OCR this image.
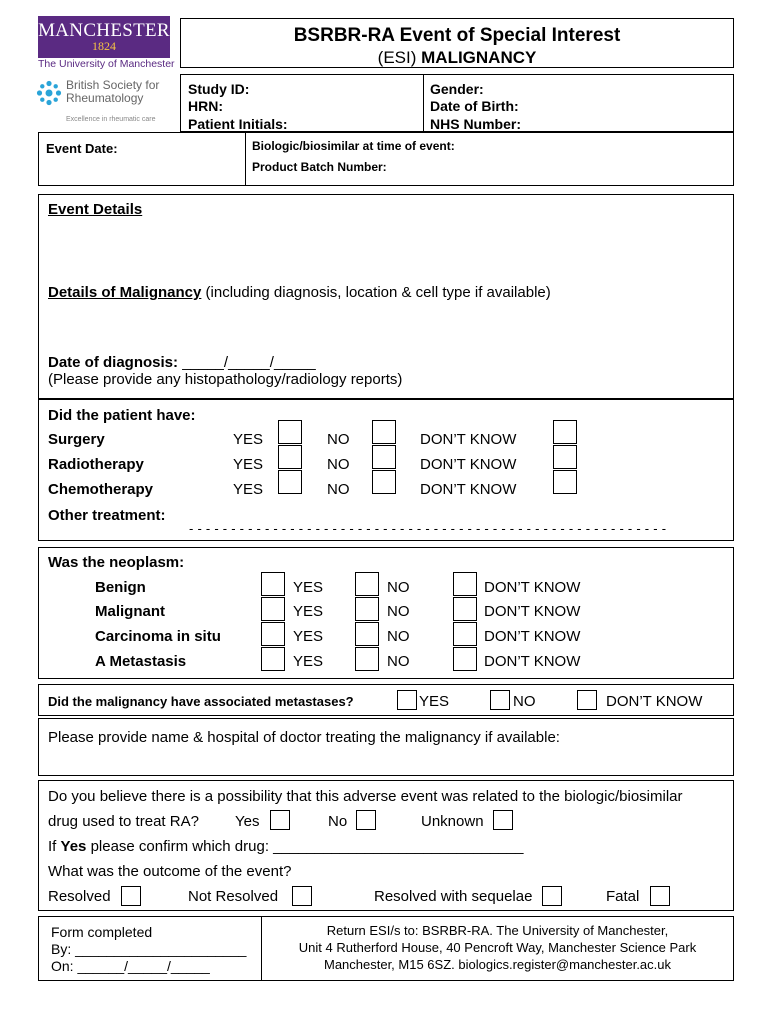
MANCHESTER
1824
The University of Manchester
British Society for
Rheumatology
Excellence in rheumatic care
BSRBR-RA Event of Special Interest
(ESI) MALIGNANCY
Study ID:
HRN:
Patient Initials:
Gender:
Date of Birth:
NHS Number:
Event Date:	Biologic/biosimilar at time of event:
Product Batch Number:
Event Details
Details of Malignancy (including diagnosis, location & cell type if available)
Date of diagnosis: _____/_____/_____
(Please provide any histopathology/radiology reports)
Did the patient have:
Surgery	YES	NO	DON’T KNOW
Radiotherapy	YES	NO	DON’T KNOW
Chemotherapy	YES	NO	DON’T KNOW
Other treatment:
- - - - - - - - - - - - - - - - - - - - - - - - - - - - - - - - - - - - - - - - - - - - - - - - - - - - - - - - -
Was the neoplasm:
Benign	YES	NO	DON’T KNOW
Malignant	YES	NO	DON’T KNOW
Carcinoma in situ	YES	NO	DON’T KNOW
A Metastasis	YES	NO	DON’T KNOW
Did the malignancy have associated metastases?	YES	NO	DON’T KNOW
Please provide name & hospital of doctor treating the malignancy if available:
Do you believe there is a possibility that this adverse event was related to the biologic/biosimilar
drug used to treat RA? Yes	No	Unknown
If Yes please confirm which drug: ______________________________
What was the outcome of the event?
Resolved	Not Resolved	Resolved with sequelae	Fatal
Form completed
By: ______________________
On: ______/_____/_____
Return ESI/s to: BSRBR-RA. The University of Manchester,
Unit 4 Rutherford House, 40 Pencroft Way, Manchester Science Park
Manchester, M15 6SZ. biologics.register@manchester.ac.uk
